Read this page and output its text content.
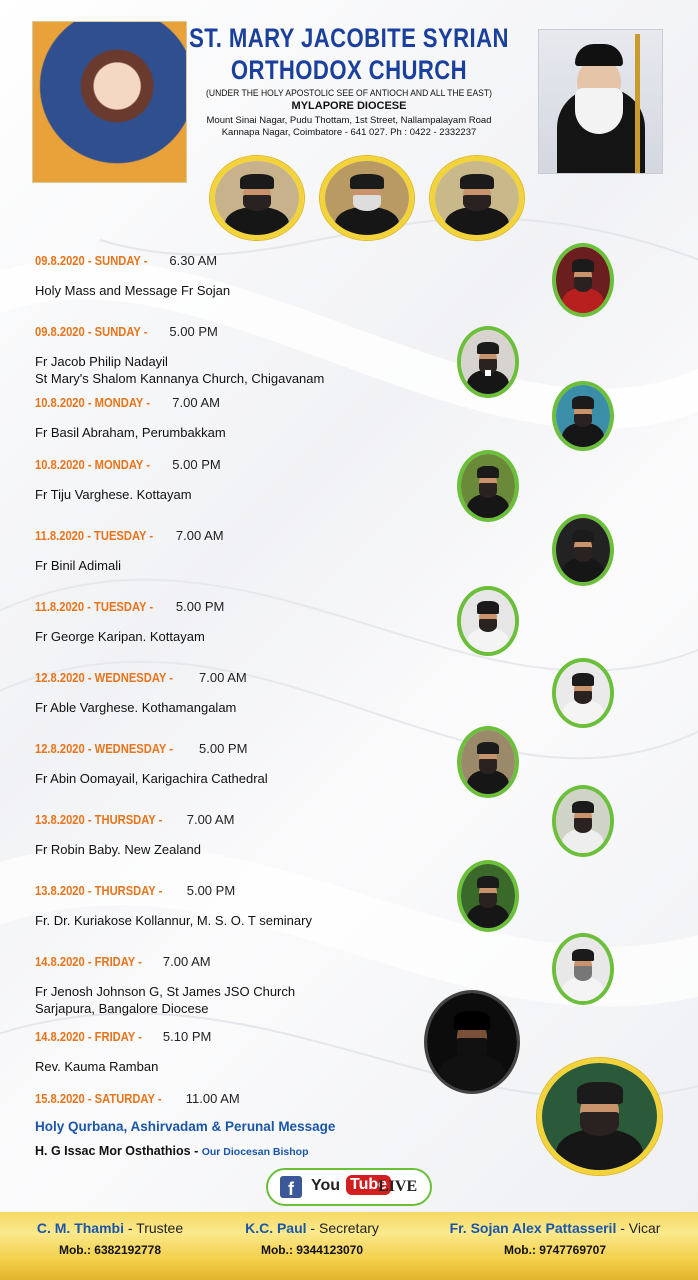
ST. MARY JACOBITE SYRIAN
ORTHODOX CHURCH
(UNDER THE HOLY APOSTOLIC SEE OF ANTIOCH AND ALL THE EAST)
MYLAPORE DIOCESE
Mount Sinai Nagar, Pudu Thottam, 1st Street, Nallampalayam Road
Kannapa Nagar, Coimbatore - 641 027. Ph : 0422 - 2332237
09.8.2020 - SUNDAY - 6.30 AM
Holy Mass and Message Fr Sojan
09.8.2020 - SUNDAY - 5.00 PM
Fr Jacob Philip Nadayil
St Mary's Shalom Kannanya Church, Chigavanam
10.8.2020 - MONDAY - 7.00 AM
Fr Basil Abraham, Perumbakkam
10.8.2020 - MONDAY - 5.00 PM
Fr Tiju Varghese. Kottayam
11.8.2020 - TUESDAY - 7.00 AM
Fr Binil Adimali
11.8.2020 - TUESDAY - 5.00 PM
Fr George Karipan. Kottayam
12.8.2020 - WEDNESDAY - 7.00 AM
Fr Able Varghese. Kothamangalam
12.8.2020 - WEDNESDAY - 5.00 PM
Fr Abin Oomayail, Karigachira Cathedral
13.8.2020 - THURSDAY - 7.00 AM
Fr Robin Baby. New Zealand
13.8.2020 - THURSDAY - 5.00 PM
Fr. Dr. Kuriakose Kollannur, M. S. O. T seminary
14.8.2020 - FRIDAY - 7.00 AM
Fr Jenosh Johnson G, St James JSO Church
Sarjapura, Bangalore Diocese
14.8.2020 - FRIDAY - 5.10 PM
Rev. Kauma Ramban
15.8.2020 - SATURDAY - 11.00 AM
Holy Qurbana, Ashirvadam & Perunal Message
H. G Issac Mor Osthathios - Our Diocesan Bishop
f	You Tube
LIVE
C. M. Thambi - Trustee
Mob.: 6382192778
K.C. Paul - Secretary
Mob.: 9344123070
Fr. Sojan Alex Pattasseril - Vicar
Mob.: 9747769707
